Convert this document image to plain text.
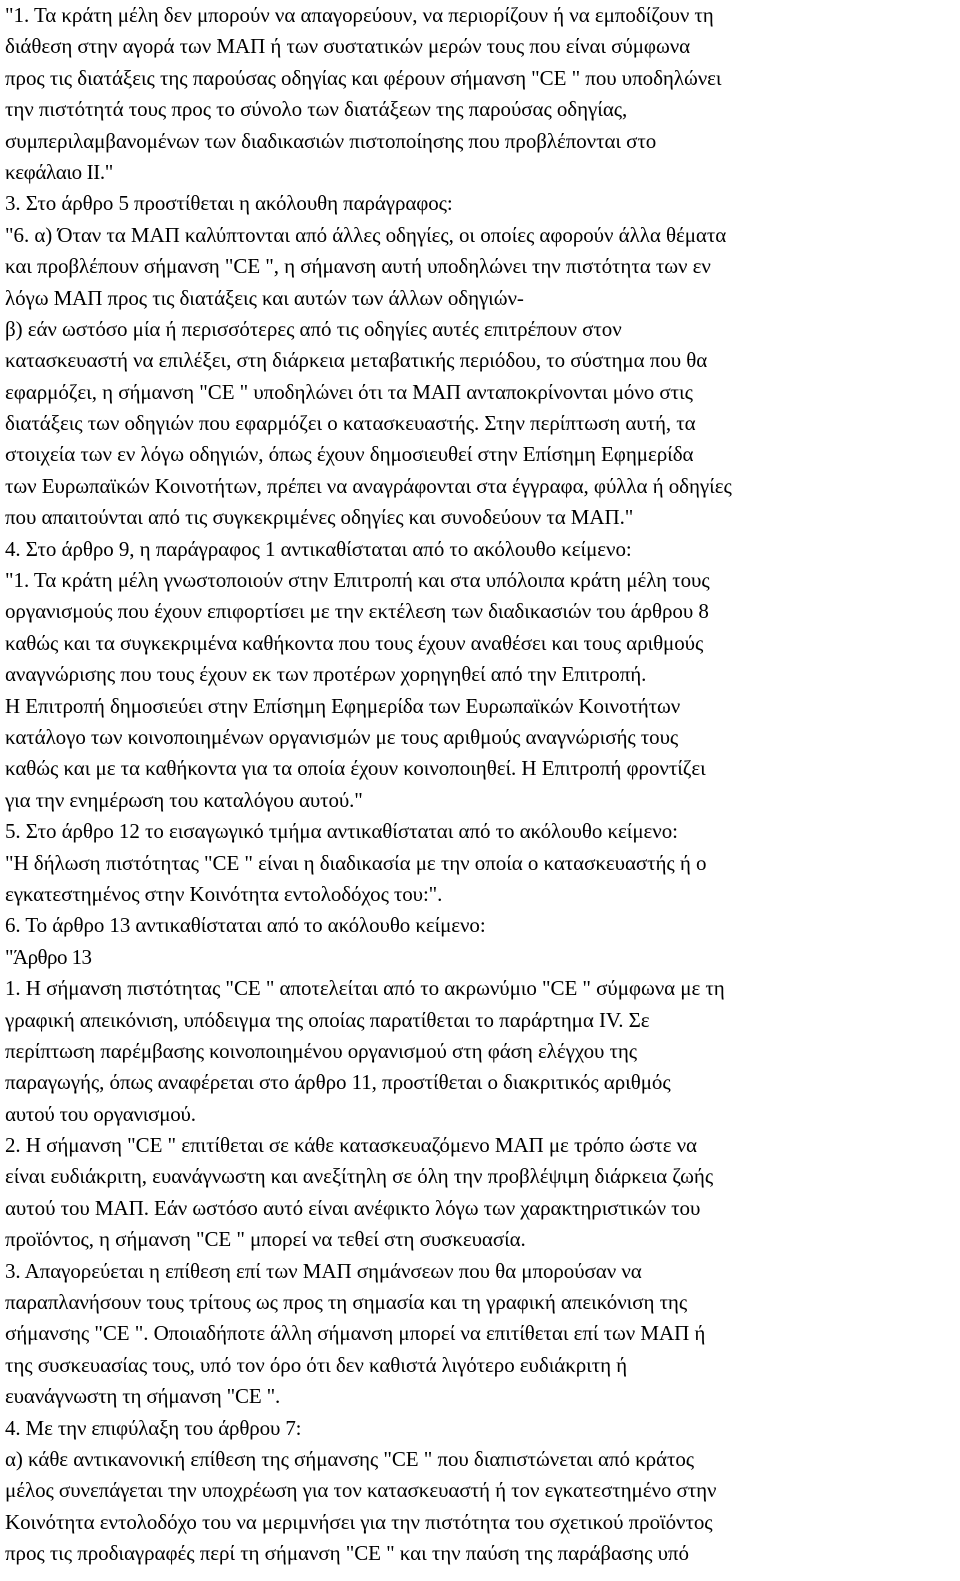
"1. Τα κράτη μέλη δεν μπορούν να απαγορεύουν, να περιορίζουν ή να εμποδίζουν τη
διάθεση στην αγορά των ΜΑΠ ή των συστατικών μερών τους που είναι σύμφωνα
προς τις διατάξεις της παρούσας οδηγίας και φέρουν σήμανση "CE " που υποδηλώνει
την πιστότητά τους προς το σύνολο των διατάξεων της παρούσας οδηγίας,
συμπεριλαμβανομένων των διαδικασιών πιστοποίησης που προβλέπονται στο
κεφάλαιο ΙΙ."
3. Στο άρθρο 5 προστίθεται η ακόλουθη παράγραφος:
"6. α) Όταν τα ΜΑΠ καλύπτονται από άλλες οδηγίες, οι οποίες αφορούν άλλα θέματα
και προβλέπουν σήμανση "CE ", η σήμανση αυτή υποδηλώνει την πιστότητα των εν
λόγω ΜΑΠ προς τις διατάξεις και αυτών των άλλων οδηγιών-
β) εάν ωστόσο μία ή περισσότερες από τις οδηγίες αυτές επιτρέπουν στον
κατασκευαστή να επιλέξει, στη διάρκεια μεταβατικής περιόδου, το σύστημα που θα
εφαρμόζει, η σήμανση "CE " υποδηλώνει ότι τα ΜΑΠ ανταποκρίνονται μόνο στις
διατάξεις των οδηγιών που εφαρμόζει ο κατασκευαστής. Στην περίπτωση αυτή, τα
στοιχεία των εν λόγω οδηγιών, όπως έχουν δημοσιευθεί στην Επίσημη Εφημερίδα
των Ευρωπαϊκών Κοινοτήτων, πρέπει να αναγράφονται στα έγγραφα, φύλλα ή οδηγίες
που απαιτούνται από τις συγκεκριμένες οδηγίες και συνοδεύουν τα ΜΑΠ."
4. Στο άρθρο 9, η παράγραφος 1 αντικαθίσταται από το ακόλουθο κείμενο:
"1. Τα κράτη μέλη γνωστοποιούν στην Επιτροπή και στα υπόλοιπα κράτη μέλη τους
οργανισμούς που έχουν επιφορτίσει με την εκτέλεση των διαδικασιών του άρθρου 8
καθώς και τα συγκεκριμένα καθήκοντα που τους έχουν αναθέσει και τους αριθμούς
αναγνώρισης που τους έχουν εκ των προτέρων χορηγηθεί από την Επιτροπή.
Η Επιτροπή δημοσιεύει στην Επίσημη Εφημερίδα των Ευρωπαϊκών Κοινοτήτων
κατάλογο των κοινοποιημένων οργανισμών με τους αριθμούς αναγνώρισής τους
καθώς και με τα καθήκοντα για τα οποία έχουν κοινοποιηθεί. Η Επιτροπή φροντίζει
για την ενημέρωση του καταλόγου αυτού."
5. Στο άρθρο 12 το εισαγωγικό τμήμα αντικαθίσταται από το ακόλουθο κείμενο:
"Η δήλωση πιστότητας "CE " είναι η διαδικασία με την οποία ο κατασκευαστής ή ο
εγκατεστημένος στην Κοινότητα εντολοδόχος του:".
6. Το άρθρο 13 αντικαθίσταται από το ακόλουθο κείμενο:
"Άρθρο 13
1. Η σήμανση πιστότητας "CE " αποτελείται από το ακρωνύμιο "CE " σύμφωνα με τη
γραφική απεικόνιση, υπόδειγμα της οποίας παρατίθεται το παράρτημα IV. Σε
περίπτωση παρέμβασης κοινοποιημένου οργανισμού στη φάση ελέγχου της
παραγωγής, όπως αναφέρεται στο άρθρο 11, προστίθεται ο διακριτικός αριθμός
αυτού του οργανισμού.
2. Η σήμανση "CE " επιτίθεται σε κάθε κατασκευαζόμενο ΜΑΠ με τρόπο ώστε να
είναι ευδιάκριτη, ευανάγνωστη και ανεξίτηλη σε όλη την προβλέψιμη διάρκεια ζωής
αυτού του ΜΑΠ. Εάν ωστόσο αυτό είναι ανέφικτο λόγω των χαρακτηριστικών του
προϊόντος, η σήμανση "CE " μπορεί να τεθεί στη συσκευασία.
3. Απαγορεύεται η επίθεση επί των ΜΑΠ σημάνσεων που θα μπορούσαν να
παραπλανήσουν τους τρίτους ως προς τη σημασία και τη γραφική απεικόνιση της
σήμανσης "CE ". Οποιαδήποτε άλλη σήμανση μπορεί να επιτίθεται επί των ΜΑΠ ή
της συσκευασίας τους, υπό τον όρο ότι δεν καθιστά λιγότερο ευδιάκριτη ή
ευανάγνωστη τη σήμανση "CE ".
4. Με την επιφύλαξη του άρθρου 7:
α) κάθε αντικανονική επίθεση της σήμανσης "CE " που διαπιστώνεται από κράτος
μέλος συνεπάγεται την υποχρέωση για τον κατασκευαστή ή τον εγκατεστημένο στην
Κοινότητα εντολοδόχο του να μεριμνήσει για την πιστότητα του σχετικού προϊόντος
προς τις προδιαγραφές περί τη σήμανση "CE " και την παύση της παράβασης υπό
